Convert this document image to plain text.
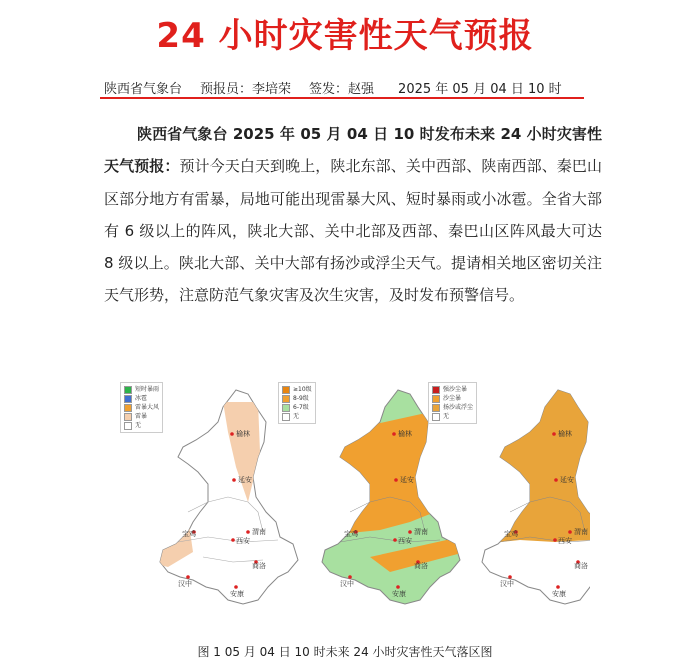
24 小时灾害性天气预报
陕西省气象台 预报员：李培荣 签发：赵强 2025 年 05 月 04 日 10 时
陕西省气象台 2025 年 05 月 04 日 10 时发布未来 24 小时灾害性天气预报：预计今天白天到晚上，陕北东部、关中西部、陕南西部、秦巴山区部分地方有雷暴，局地可能出现雷暴大风、短时暴雨或小冰雹。全省大部有 6 级以上的阵风，陕北大部、关中北部及西部、秦巴山区阵风最大可达 8 级以上。陕北大部、关中大部有扬沙或浮尘天气。提请相关地区密切关注天气形势，注意防范气象灾害及次生灾害，及时发布预警信号。
榆林
延安
宝鸡
西安
渭南
汉中
安康
商洛
榆林
延安
宝鸡
西安
渭南
汉中
安康
商洛
榆林
延安
宝鸡
西安
渭南
汉中
安康
商洛
短时暴雨
冰雹
雷暴大风
雷暴
无
≥10级
8-9级
6-7级
无
强沙尘暴
沙尘暴
扬沙或浮尘
无
图 1 05 月 04 日 10 时未来 24 小时灾害性天气落区图
